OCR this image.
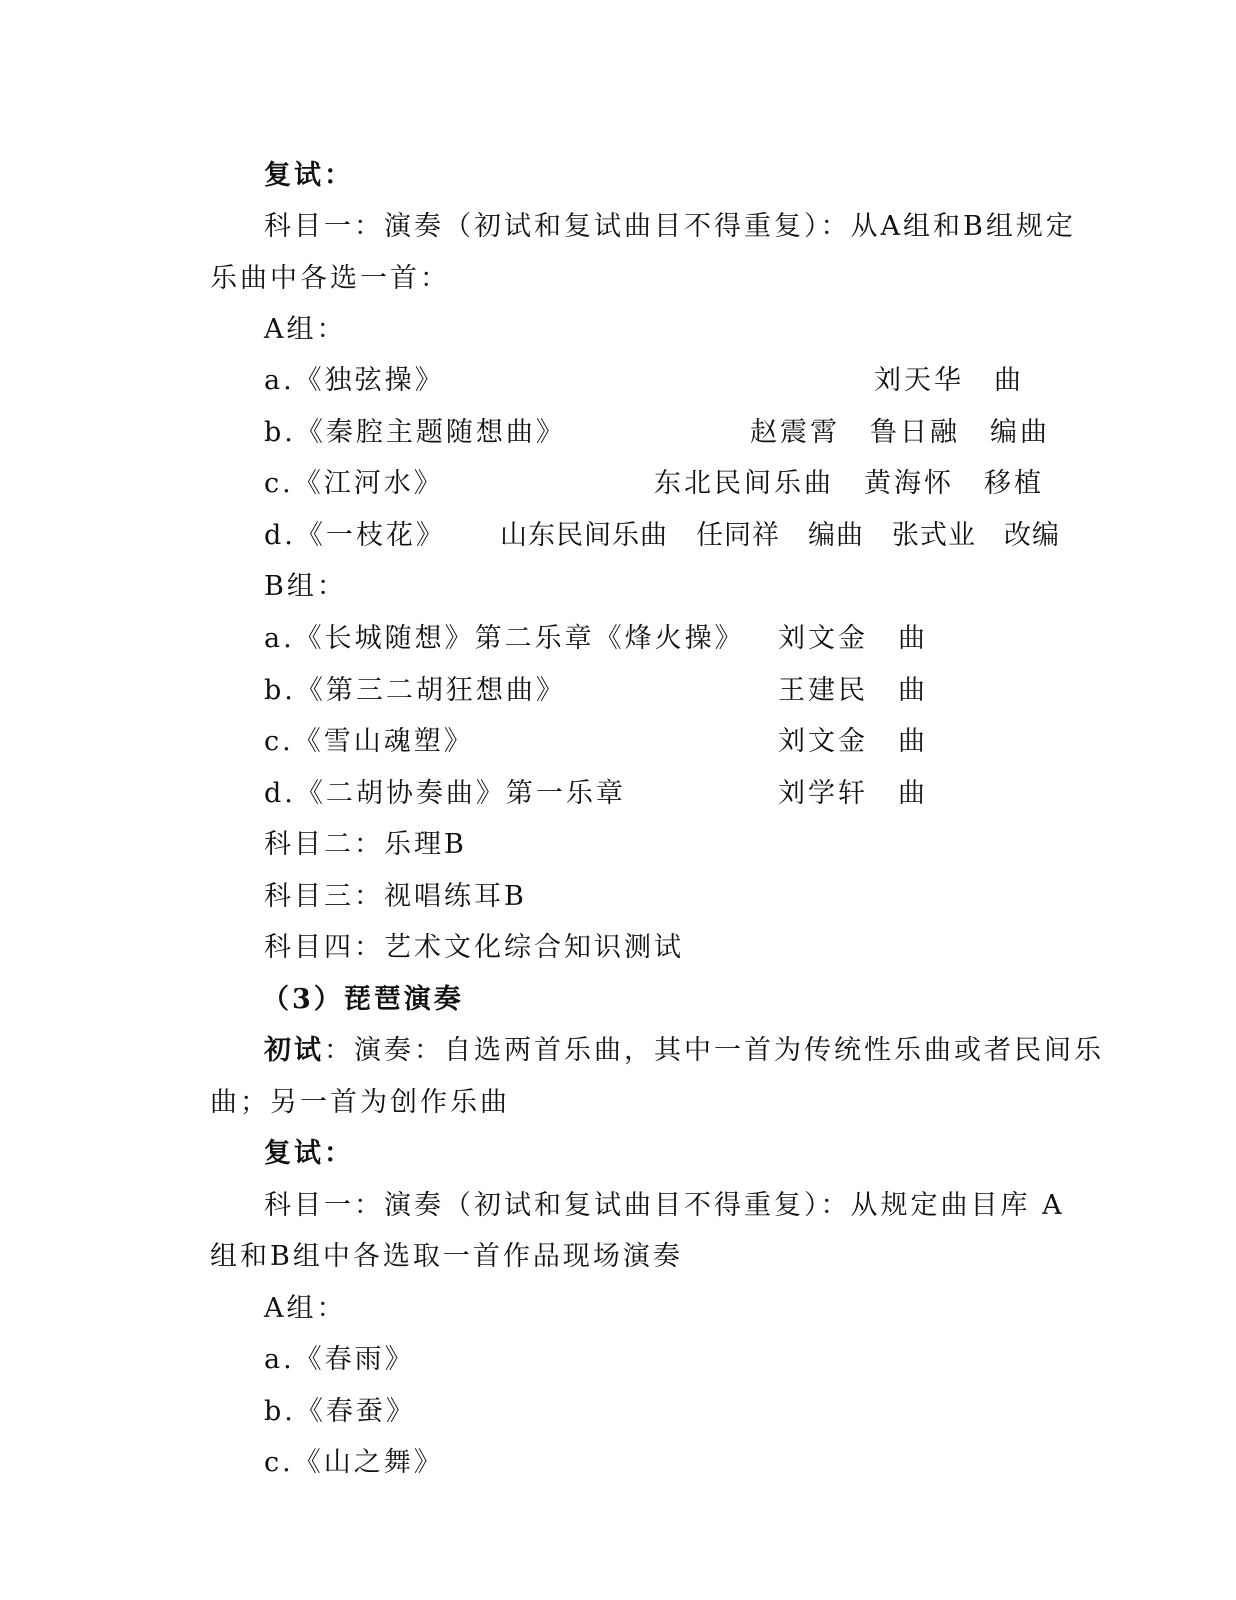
复试：
科目一：演奏（初试和复试曲目不得重复）：从A组和B组规定
乐曲中各选一首：
A组：
a.《独弦操》	刘天华　曲
b.《秦腔主题随想曲》	赵震霄　鲁日融　编曲
c.《江河水》	东北民间乐曲　黄海怀　移植
d.《一枝花》 山东民间乐曲　任同祥　编曲　张式业　改编
B组：
a.《长城随想》第二乐章《烽火操》 刘文金　曲
b.《第三二胡狂想曲》	王建民　曲
c.《雪山魂塑》	刘文金　曲
d.《二胡协奏曲》第一乐章	刘学轩　曲
科目二：乐理B
科目三：视唱练耳B
科目四：艺术文化综合知识测试
（3）琵琶演奏
初试：演奏：自选两首乐曲，其中一首为传统性乐曲或者民间乐
曲；另一首为创作乐曲
复试：
科目一：演奏（初试和复试曲目不得重复）：从规定曲目库 A
组和B组中各选取一首作品现场演奏
A组：
a.《春雨》
b.《春蚕》
c.《山之舞》
